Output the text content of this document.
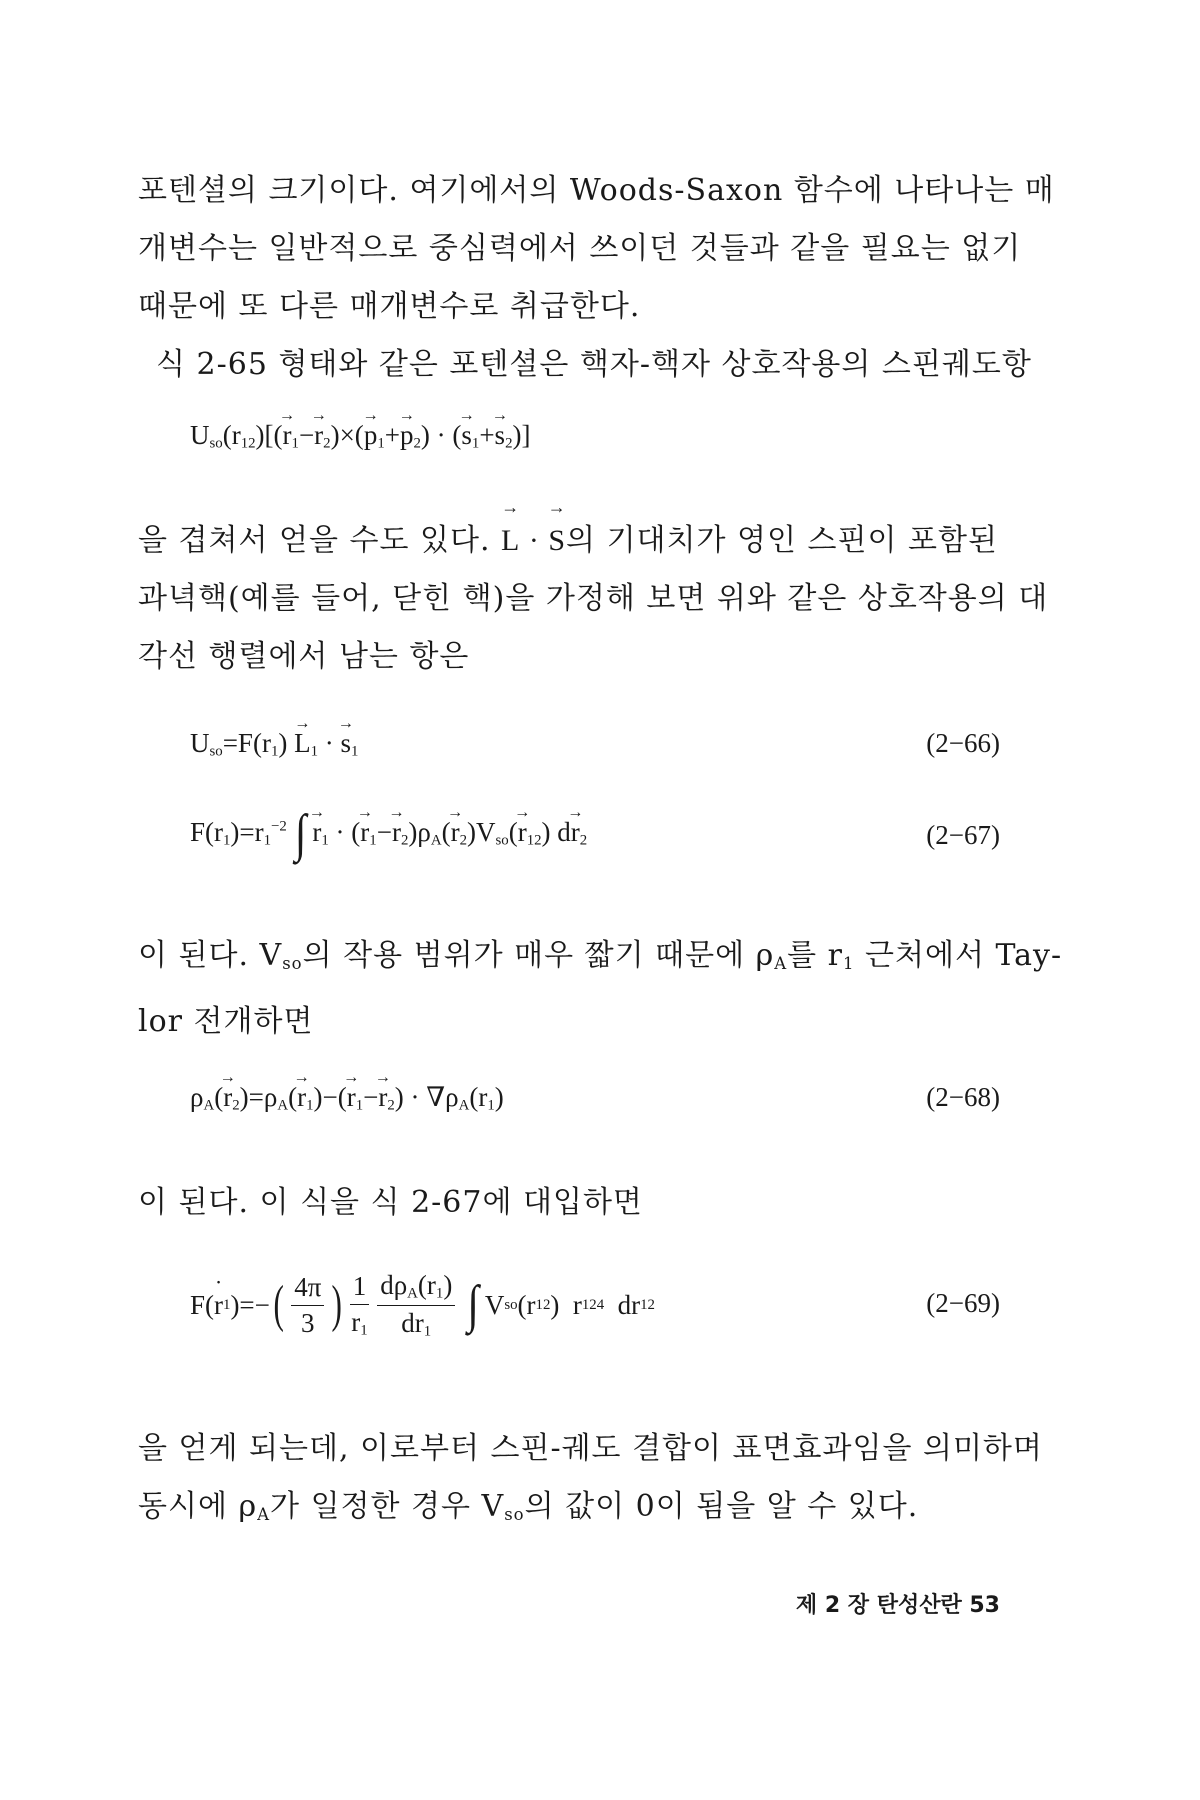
포텐셜의 크기이다. 여기에서의 Woods-Saxon 함수에 나타나는 매
개변수는 일반적으로 중심력에서 쓰이던 것들과 같을 필요는 없기
때문에 또 다른 매개변수로 취급한다.
식 2-65 형태와 같은 포텐셜은 핵자-핵자 상호작용의 스핀궤도항
$U_{so}(r_{12})[(\to r_1-\to r_2)\times(\to p_1+\to p_2)$ · (→ $s_1+\to s_2$)]
을 겹쳐서 얻을 수도 있다. → L · → S의 기대치가 영인 스핀이 포함된
과녁핵(예를 들어, 닫힌 핵)을 가정해 보면 위와 같은 상호작용의 대
각선 행렬에서 남는 항은
$U_{so}=F(r_1) \to L_1$ · → $s_1$	(2−66)
$F(r_1)=r_1^{-2}$ ∫ → $r_1$ · (→ $r_1-\to r_2)\rho_A(\to r_2)V_{so}(\to r_{12})$ $d\to r_2$	(2−67)
이 된다. $V_{so}$의 작용 범위가 매우 짧기 때문에 $\rho_A$를 $r_1$ 근처에서 Tay-
lor 전개하면
$\rho_A(\to r_2)=\rho_A(\to r_1)-(\to r_1-\to r_2) \cdot \nabla\rho_A(r_1)$	(2−68)
이 된다. 이 식을 식 2-67에 대입하면
F( ˙ r 1 )=− ( $\frac{4\pi}{3}$ ) $\frac{1}{r_1} \frac{d\rho_A(r_1)}{dr_1}$ ∫ V so (r 12 )  r 12 4 dr 12	(2−69)
을 얻게 되는데, 이로부터 스핀-궤도 결합이 표면효과임을 의미하며
동시에 $\rho_A$가 일정한 경우 $V_{so}$의 값이 0이 됨을 알 수 있다.
제 2 장 탄성산란 53
